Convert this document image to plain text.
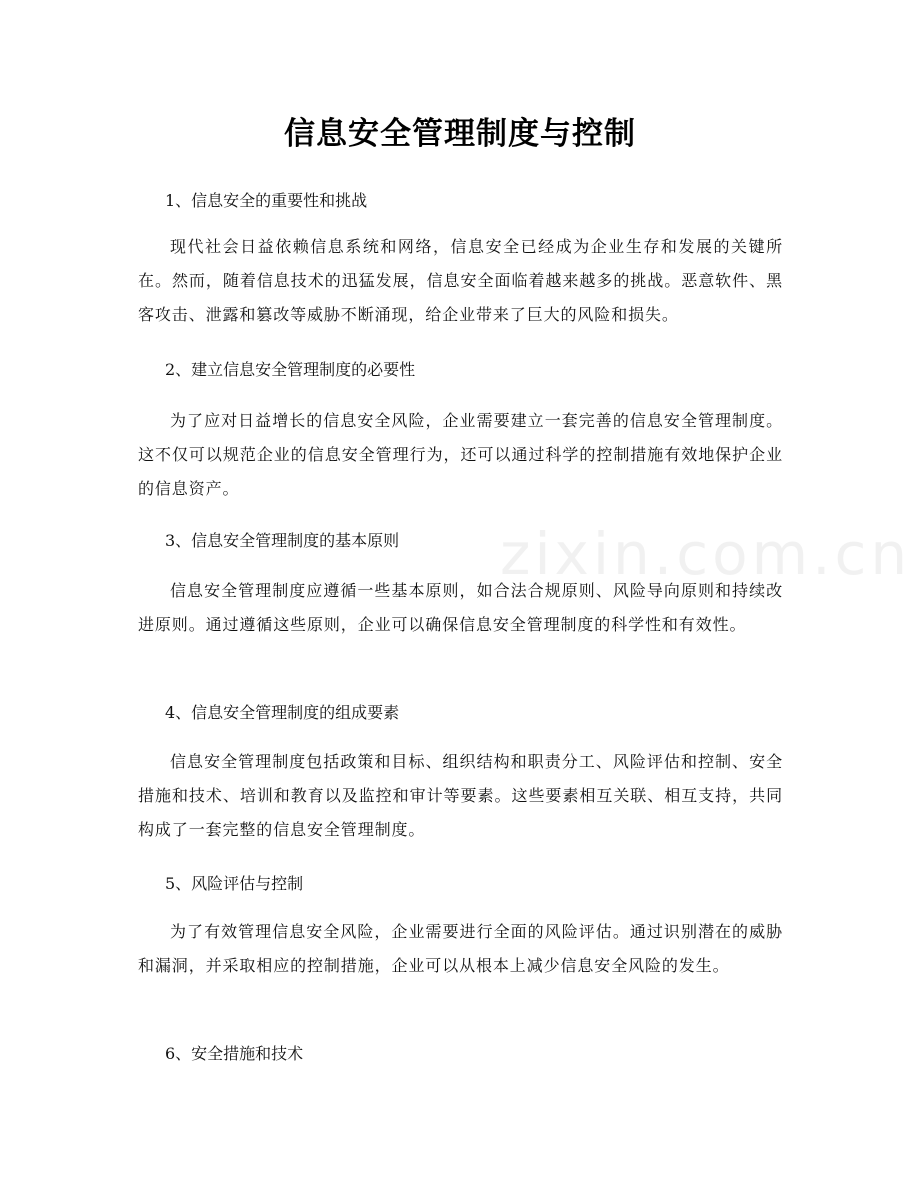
zixin.com.cn
信息安全管理制度与控制
1、信息安全的重要性和挑战

现代社会日益依赖信息系统和网络，信息安全已经成为企业生存和发展的关键所在。然而，随着信息技术的迅猛发展，信息安全面临着越来越多的挑战。恶意软件、黑客攻击、泄露和篡改等威胁不断涌现，给企业带来了巨大的风险和损失。

2、建立信息安全管理制度的必要性

为了应对日益增长的信息安全风险，企业需要建立一套完善的信息安全管理制度。这不仅可以规范企业的信息安全管理行为，还可以通过科学的控制措施有效地保护企业的信息资产。

3、信息安全管理制度的基本原则

信息安全管理制度应遵循一些基本原则，如合法合规原则、风险导向原则和持续改进原则。通过遵循这些原则，企业可以确保信息安全管理制度的科学性和有效性。

4、信息安全管理制度的组成要素

信息安全管理制度包括政策和目标、组织结构和职责分工、风险评估和控制、安全措施和技术、培训和教育以及监控和审计等要素。这些要素相互关联、相互支持，共同构成了一套完整的信息安全管理制度。

5、风险评估与控制

为了有效管理信息安全风险，企业需要进行全面的风险评估。通过识别潜在的威胁和漏洞，并采取相应的控制措施，企业可以从根本上减少信息安全风险的发生。

6、安全措施和技术
